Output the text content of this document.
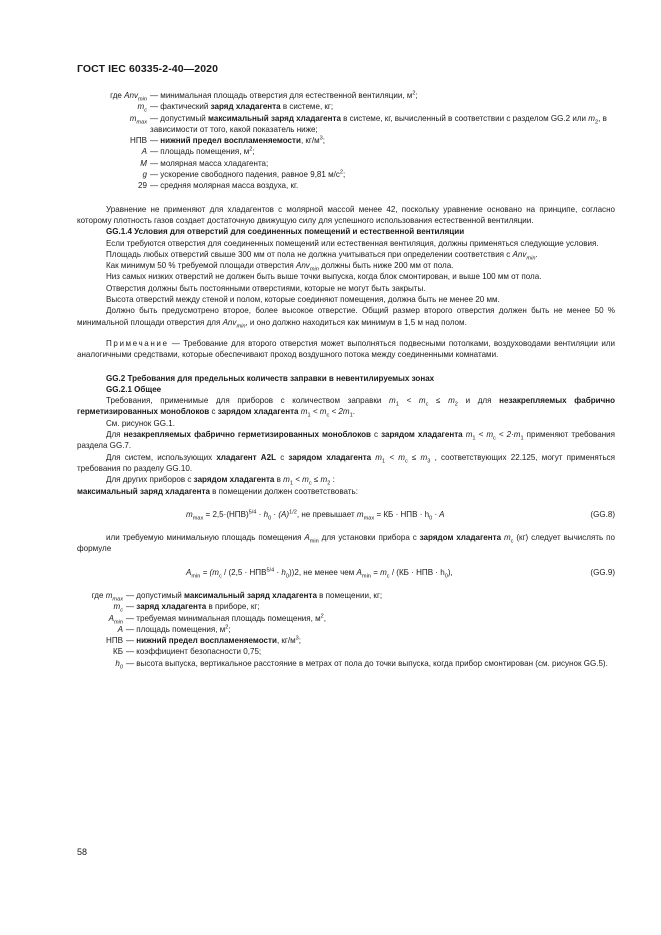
ГОСТ IEC 60335-2-40—2020
где Anv$_{min}$ — минимальная площадь отверстия для естественной вентиляции, $м^2$;
$m_c$ — фактический заряд хладагента в системе, кг;
$m_{max}$ — допустимый максимальный заряд хладагента в системе, кг, вычисленный в соответствии с разделом GG.2 или $m_2$, в зависимости от того, какой показатель ниже;
НПВ — нижний предел воспламеняемости, $кг/м^3$;
A — площадь помещения, $м^2$;
M — молярная масса хладагента;
g — ускорение свободного падения, равное 9,81 $м/с^2$;
29 — средняя молярная масса воздуха, кг.

Уравнение не применяют для хладагентов с молярной массой менее 42, поскольку уравнение основано на принципе, согласно которому плотность газов создает достаточную движущую силу для успешного использования естественной вентиляции.

GG.1.4 Условия для отверстий для соединенных помещений и естественной вентиляции

Если требуются отверстия для соединенных помещений или естественная вентиляция, должны применяться следующие условия.

Площадь любых отверстий свыше 300 мм от пола не должна учитываться при определении соответствия с Anv$_{min}$.

Как минимум 50 % требуемой площади отверстия Anv$_{min}$ должны быть ниже 200 мм от пола.

Низ самых низких отверстий не должен быть выше точки выпуска, когда блок смонтирован, и выше 100 мм от пола.

Отверстия должны быть постоянными отверстиями, которые не могут быть закрыты.

Высота отверстий между стеной и полом, которые соединяют помещения, должна быть не менее 20 мм.

Должно быть предусмотрено второе, более высокое отверстие. Общий размер второго отверстия должен быть не менее 50 % минимальной площади отверстия для Anv$_{min}$, и оно должно находиться как минимум в 1,5 м над полом.

Примечание — Требование для второго отверстия может выполняться подвесными потолками, воздуховодами вентиляции или аналогичными средствами, которые обеспечивают проход воздушного потока между соединенными комнатами.

GG.2 Требования для предельных количеств заправки в невентилируемых зонах

GG.2.1 Общее

Требования, применимые для приборов с количеством заправки $m_1 < m_c \le m_2$ и для незакрепляемых фабрично герметизированных моноблоков с зарядом хладагента $m_1 < m_c < 2m_1$.

См. рисунок GG.1.

Для незакрепляемых фабрично герметизированных моноблоков с зарядом хладагента $m_1 < m_c < 2\cdot m_1$ применяют требования раздела GG.7.

Для систем, использующих хладагент A2L с зарядом хладагента $m_1 < m_c \le m_3$ , соответствующих 22.125, могут применяться требования по разделу GG.10.

Для других приборов с зарядом хладагента в $m_1 < m_c \le m_2$ :

максимальный заряд хладагента в помещении должен соответствовать:

$m_{max} = 2,5\cdot(НПВ)^{5/4} \cdot h_0 \cdot (A)^{1/2}$, не превышает $m_{max}$ = КБ · НПВ · $h_0 \cdot A$	(GG.8)

или требуемую минимальную площадь помещения $A_{min}$ для установки прибора с зарядом хладагента $m_c$ (кг) следует вычислять по формуле

$A_{min} = (m_c / (2,5 \cdot НПВ^{5/4} \cdot h_0))2$, не менее чем $A_{min} = m_c / (КБ$ · НПВ · $h_0$),	(GG.9)
где $m_{max}$ — допустимый максимальный заряд хладагента в помещении, кг;
$m_c$ — заряд хладагента в приборе, кг;
$A_{min}$ — требуемая минимальная площадь помещения, $м^2$,
A — площадь помещения, $м^2$;
НПВ — нижний предел воспламеняемости, $кг/м^3$;
КБ — коэффициент безопасности 0,75;
$h_0$ — высота выпуска, вертикальное расстояние в метрах от пола до точки выпуска, когда прибор смонтирован (см. рисунок GG.5).
58
